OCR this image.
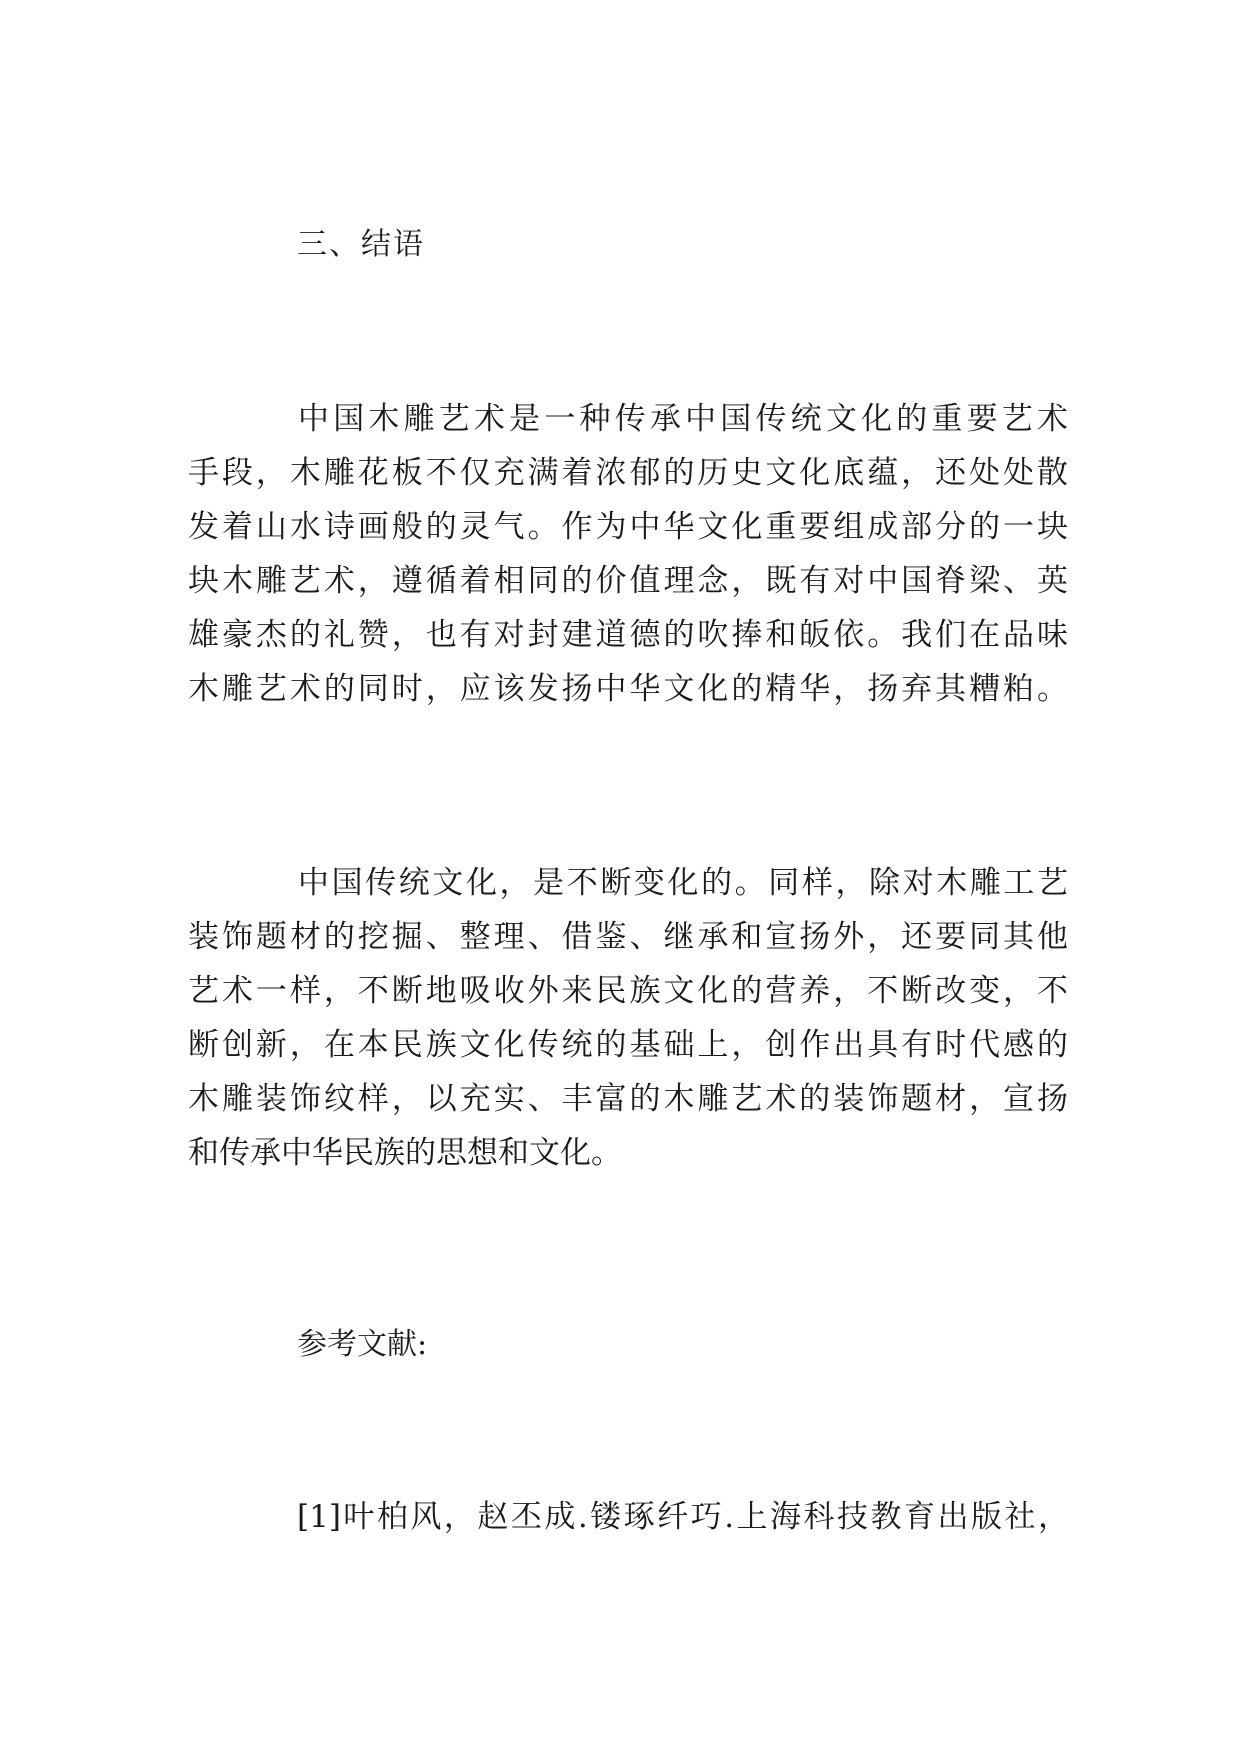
三、结语
中国木雕艺术是一种传承中国传统文化的重要艺术
手段，木雕花板不仅充满着浓郁的历史文化底蕴，还处处散
发着山水诗画般的灵气。作为中华文化重要组成部分的一块
块木雕艺术，遵循着相同的价值理念，既有对中国脊梁、英
雄豪杰的礼赞，也有对封建道德的吹捧和皈依。我们在品味
木雕艺术的同时，应该发扬中华文化的精华，扬弃其糟粕。
中国传统文化，是不断变化的。同样，除对木雕工艺
装饰题材的挖掘、整理、借鉴、继承和宣扬外，还要同其他
艺术一样，不断地吸收外来民族文化的营养，不断改变，不
断创新，在本民族文化传统的基础上，创作出具有时代感的
木雕装饰纹样，以充实、丰富的木雕艺术的装饰题材，宣扬
和传承中华民族的思想和文化。
参考文献:
[1]叶柏风，赵丕成.镂琢纤巧.上海科技教育出版社，
